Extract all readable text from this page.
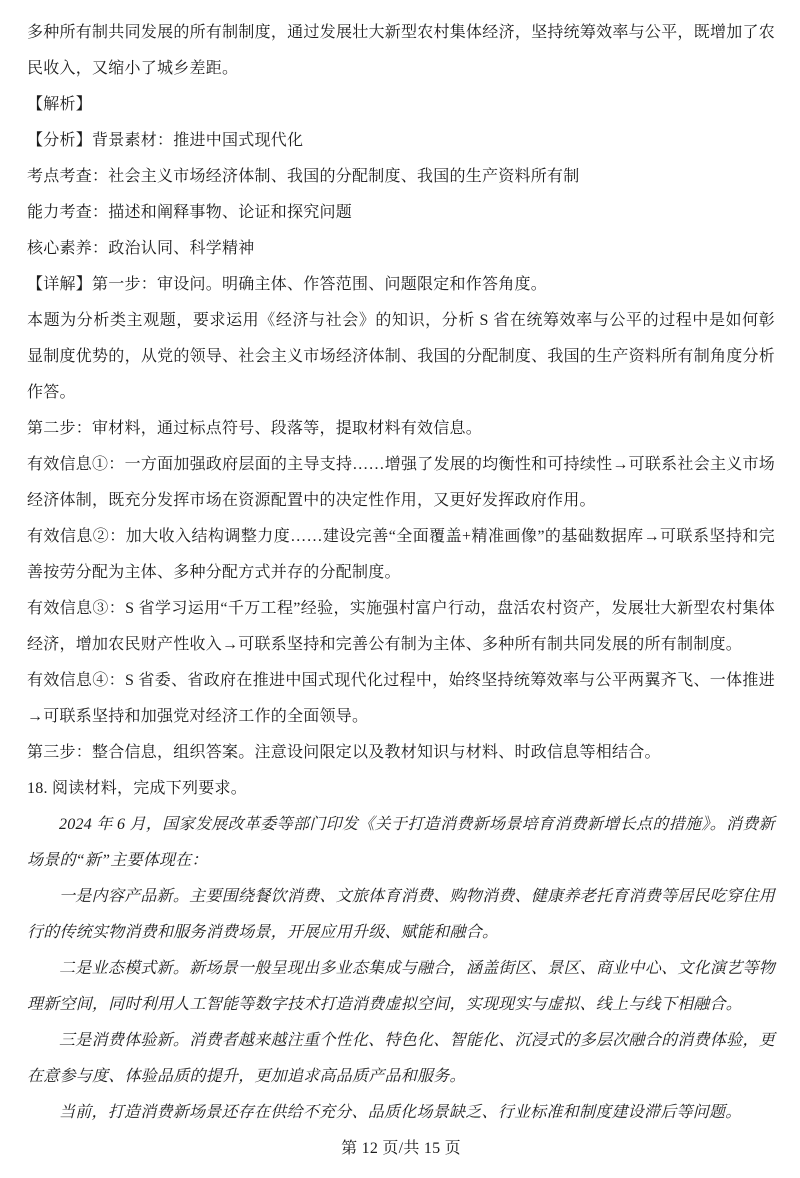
多种所有制共同发展的所有制制度，通过发展壮大新型农村集体经济，坚持统筹效率与公平，既增加了农民收入，又缩小了城乡差距。

【解析】

【分析】背景素材：推进中国式现代化

考点考查：社会主义市场经济体制、我国的分配制度、我国的生产资料所有制

能力考查：描述和阐释事物、论证和探究问题

核心素养：政治认同、科学精神

【详解】第一步：审设问。明确主体、作答范围、问题限定和作答角度。

本题为分析类主观题，要求运用《经济与社会》的知识，分析 S 省在统筹效率与公平的过程中是如何彰显制度优势的，从党的领导、社会主义市场经济体制、我国的分配制度、我国的生产资料所有制角度分析作答。

第二步：审材料，通过标点符号、段落等，提取材料有效信息。

有效信息①：一方面加强政府层面的主导支持……增强了发展的均衡性和可持续性→可联系社会主义市场经济体制，既充分发挥市场在资源配置中的决定性作用，又更好发挥政府作用。

有效信息②：加大收入结构调整力度……建设完善“全面覆盖+精准画像”的基础数据库→可联系坚持和完善按劳分配为主体、多种分配方式并存的分配制度。

有效信息③：S 省学习运用“千万工程”经验，实施强村富户行动，盘活农村资产，发展壮大新型农村集体经济，增加农民财产性收入→可联系坚持和完善公有制为主体、多种所有制共同发展的所有制制度。

有效信息④：S 省委、省政府在推进中国式现代化过程中，始终坚持统筹效率与公平两翼齐飞、一体推进→可联系坚持和加强党对经济工作的全面领导。

第三步：整合信息，组织答案。注意设问限定以及教材知识与材料、时政信息等相结合。

18. 阅读材料，完成下列要求。

2024 年 6 月，国家发展改革委等部门印发《关于打造消费新场景培育消费新增长点的措施》。消费新场景的“新”主要体现在：

一是内容产品新。主要围绕餐饮消费、文旅体育消费、购物消费、健康养老托育消费等居民吃穿住用行的传统实物消费和服务消费场景，开展应用升级、赋能和融合。

二是业态模式新。新场景一般呈现出多业态集成与融合，涵盖街区、景区、商业中心、文化演艺等物理新空间，同时利用人工智能等数字技术打造消费虚拟空间，实现现实与虚拟、线上与线下相融合。

三是消费体验新。消费者越来越注重个性化、特色化、智能化、沉浸式的多层次融合的消费体验，更在意参与度、体验品质的提升，更加追求高品质产品和服务。

当前，打造消费新场景还存在供给不充分、品质化场景缺乏、行业标准和制度建设滞后等问题。

第 12 页/共 15 页
